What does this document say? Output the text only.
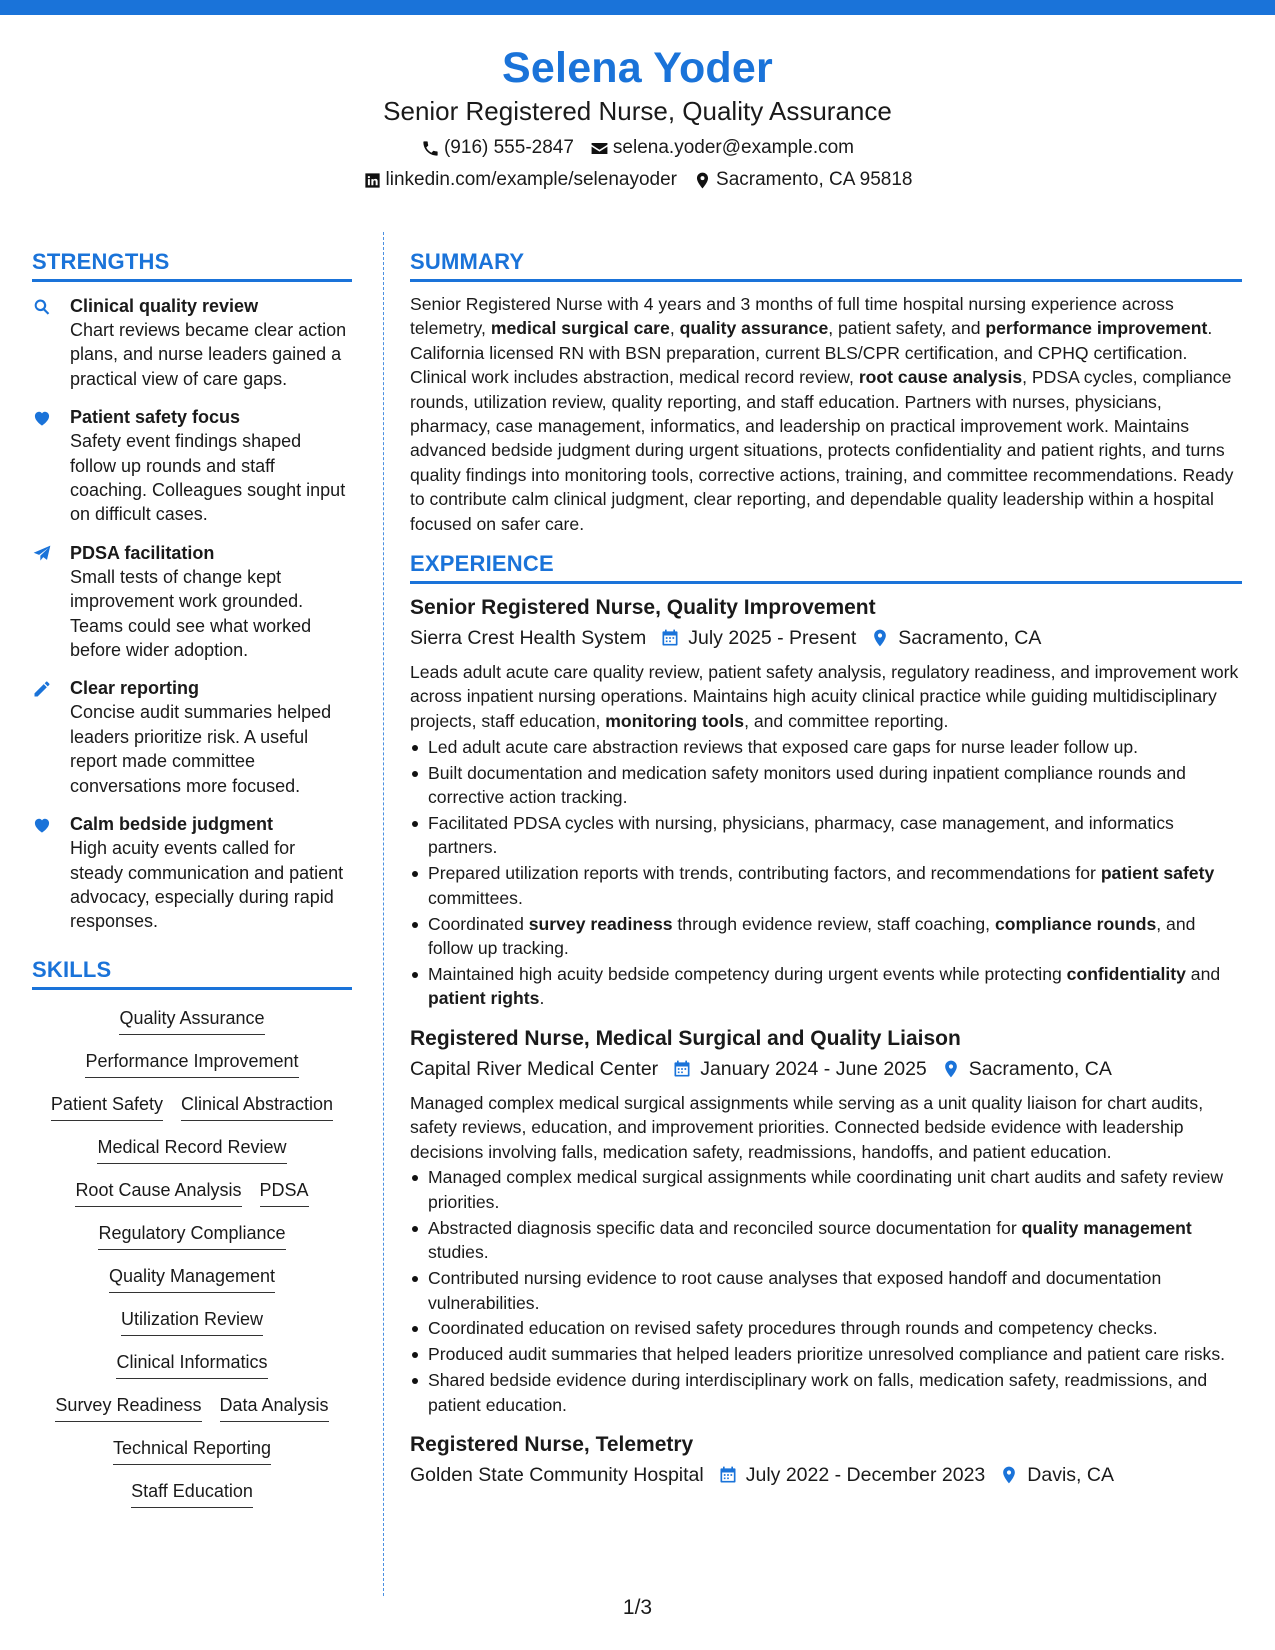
Selena Yoder
Senior Registered Nurse, Quality Assurance
(916) 555-2847 selena.yoder@example.com
linkedin.com/example/selenayoder Sacramento, CA 95818
STRENGTHS
Clinical quality review
Chart reviews became clear action plans, and nurse leaders gained a practical view of care gaps.
Patient safety focus
Safety event findings shaped follow up rounds and staff coaching. Colleagues sought input on difficult cases.
PDSA facilitation
Small tests of change kept improvement work grounded. Teams could see what worked before wider adoption.
Clear reporting
Concise audit summaries helped leaders prioritize risk. A useful report made committee conversations more focused.
Calm bedside judgment
High acuity events called for steady communication and patient advocacy, especially during rapid responses.
SKILLS
Quality Assurance
Performance Improvement
Patient Safety Clinical Abstraction
Medical Record Review
Root Cause Analysis PDSA
Regulatory Compliance
Quality Management
Utilization Review
Clinical Informatics
Survey Readiness Data Analysis
Technical Reporting
Staff Education
SUMMARY
Senior Registered Nurse with 4 years and 3 months of full time hospital nursing experience across telemetry, medical surgical care, quality assurance, patient safety, and performance improvement. California licensed RN with BSN preparation, current BLS/CPR certification, and CPHQ certification. Clinical work includes abstraction, medical record review, root cause analysis, PDSA cycles, compliance rounds, utilization review, quality reporting, and staff education. Partners with nurses, physicians, pharmacy, case management, informatics, and leadership on practical improvement work. Maintains advanced bedside judgment during urgent situations, protects confidentiality and patient rights, and turns quality findings into monitoring tools, corrective actions, training, and committee recommendations. Ready to contribute calm clinical judgment, clear reporting, and dependable quality leadership within a hospital focused on safer care.
EXPERIENCE
Senior Registered Nurse, Quality Improvement
Sierra Crest Health System July 2025 - Present Sacramento, CA
Leads adult acute care quality review, patient safety analysis, regulatory readiness, and improvement work across inpatient nursing operations. Maintains high acuity clinical practice while guiding multidisciplinary projects, staff education, monitoring tools, and committee reporting.
Led adult acute care abstraction reviews that exposed care gaps for nurse leader follow up.
Built documentation and medication safety monitors used during inpatient compliance rounds and corrective action tracking.
Facilitated PDSA cycles with nursing, physicians, pharmacy, case management, and informatics partners.
Prepared utilization reports with trends, contributing factors, and recommendations for patient safety committees.
Coordinated survey readiness through evidence review, staff coaching, compliance rounds, and follow up tracking.
Maintained high acuity bedside competency during urgent events while protecting confidentiality and patient rights.
Registered Nurse, Medical Surgical and Quality Liaison
Capital River Medical Center January 2024 - June 2025 Sacramento, CA
Managed complex medical surgical assignments while serving as a unit quality liaison for chart audits, safety reviews, education, and improvement priorities. Connected bedside evidence with leadership decisions involving falls, medication safety, readmissions, handoffs, and patient education.
Managed complex medical surgical assignments while coordinating unit chart audits and safety review priorities.
Abstracted diagnosis specific data and reconciled source documentation for quality management studies.
Contributed nursing evidence to root cause analyses that exposed handoff and documentation vulnerabilities.
Coordinated education on revised safety procedures through rounds and competency checks.
Produced audit summaries that helped leaders prioritize unresolved compliance and patient care risks.
Shared bedside evidence during interdisciplinary work on falls, medication safety, readmissions, and patient education.
Registered Nurse, Telemetry
Golden State Community Hospital July 2022 - December 2023 Davis, CA
1/3
